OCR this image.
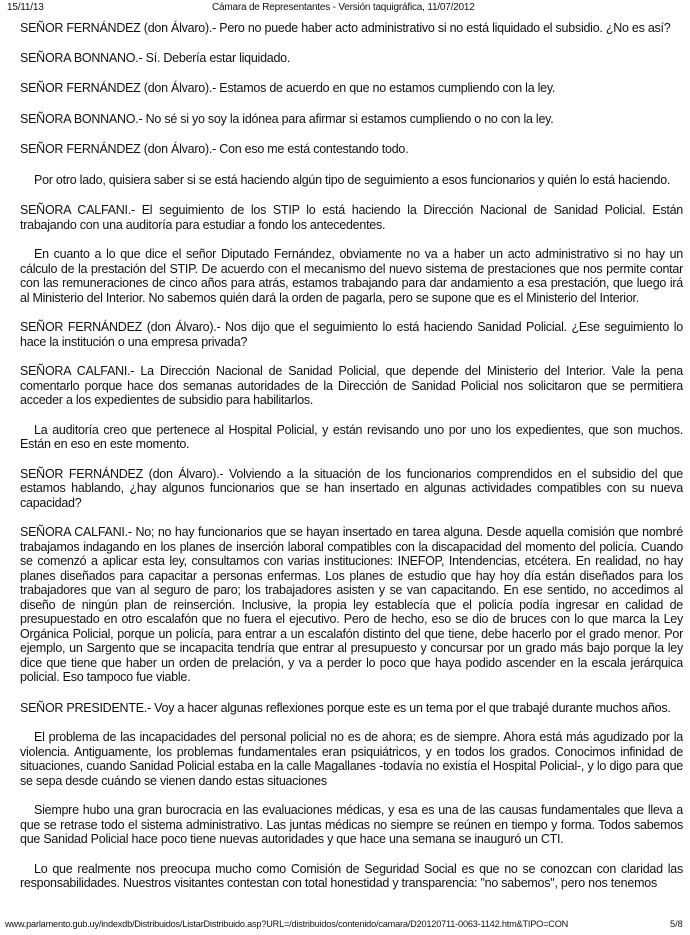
15/11/13	Cámara de Representantes - Versión taquigráfica, 11/07/2012

SEÑOR FERNÁNDEZ (don Álvaro).- Pero no puede haber acto administrativo si no está liquidado el subsidio. ¿No es así?

SEÑORA BONNANO.- Sí. Debería estar liquidado.

SEÑOR FERNÁNDEZ (don Álvaro).- Estamos de acuerdo en que no estamos cumpliendo con la ley.

SEÑORA BONNANO.- No sé si yo soy la idónea para afirmar si estamos cumpliendo o no con la ley.

SEÑOR FERNÁNDEZ (don Álvaro).- Con eso me está contestando todo.

Por otro lado, quisiera saber si se está haciendo algún tipo de seguimiento a esos funcionarios y quién lo está haciendo.

SEÑORA CALFANI.- El seguimiento de los STIP lo está haciendo la Dirección Nacional de Sanidad Policial. Están trabajando con una auditoría para estudiar a fondo los antecedentes.

En cuanto a lo que dice el señor Diputado Fernández, obviamente no va a haber un acto administrativo si no hay un cálculo de la prestación del STIP. De acuerdo con el mecanismo del nuevo sistema de prestaciones que nos permite contar con las remuneraciones de cinco años para atrás, estamos trabajando para dar andamiento a esa prestación, que luego irá al Ministerio del Interior. No sabemos quién dará la orden de pagarla, pero se supone que es el Ministerio del Interior.

SEÑOR FERNÁNDEZ (don Álvaro).- Nos dijo que el seguimiento lo está haciendo Sanidad Policial. ¿Ese seguimiento lo hace la institución o una empresa privada?

SEÑORA CALFANI.- La Dirección Nacional de Sanidad Policial, que depende del Ministerio del Interior. Vale la pena comentarlo porque hace dos semanas autoridades de la Dirección de Sanidad Policial nos solicitaron que se permitiera acceder a los expedientes de subsidio para habilitarlos.

La auditoría creo que pertenece al Hospital Policial, y están revisando uno por uno los expedientes, que son muchos. Están en eso en este momento.

SEÑOR FERNÁNDEZ (don Álvaro).- Volviendo a la situación de los funcionarios comprendidos en el subsidio del que estamos hablando, ¿hay algunos funcionarios que se han insertado en algunas actividades compatibles con su nueva capacidad?

SEÑORA CALFANI.- No; no hay funcionarios que se hayan insertado en tarea alguna. Desde aquella comisión que nombré trabajamos indagando en los planes de inserción laboral compatibles con la discapacidad del momento del policía. Cuando se comenzó a aplicar esta ley, consultamos con varias instituciones: INEFOP, Intendencias, etcétera. En realidad, no hay planes diseñados para capacitar a personas enfermas. Los planes de estudio que hay hoy día están diseñados para los trabajadores que van al seguro de paro; los trabajadores asisten y se van capacitando. En ese sentido, no accedimos al diseño de ningún plan de reinserción. Inclusive, la propia ley establecía que el policía podía ingresar en calidad de presupuestado en otro escalafón que no fuera el ejecutivo. Pero de hecho, eso se dio de bruces con lo que marca la Ley Orgánica Policial, porque un policía, para entrar a un escalafón distinto del que tiene, debe hacerlo por el grado menor. Por ejemplo, un Sargento que se incapacita tendría que entrar al presupuesto y concursar por un grado más bajo porque la ley dice que tiene que haber un orden de prelación, y va a perder lo poco que haya podido ascender en la escala jerárquica policial. Eso tampoco fue viable.

SEÑOR PRESIDENTE.- Voy a hacer algunas reflexiones porque este es un tema por el que trabajé durante muchos años.

El problema de las incapacidades del personal policial no es de ahora; es de siempre. Ahora está más agudizado por la violencia. Antiguamente, los problemas fundamentales eran psiquiátricos, y en todos los grados. Conocimos infinidad de situaciones, cuando Sanidad Policial estaba en la calle Magallanes -todavía no existía el Hospital Policial-, y lo digo para que se sepa desde cuándo se vienen dando estas situaciones

Siempre hubo una gran burocracia en las evaluaciones médicas, y esa es una de las causas fundamentales que lleva a que se retrase todo el sistema administrativo. Las juntas médicas no siempre se reúnen en tiempo y forma. Todos sabemos que Sanidad Policial hace poco tiene nuevas autoridades y que hace una semana se inauguró un CTI.

Lo que realmente nos preocupa mucho como Comisión de Seguridad Social es que no se conozcan con claridad las responsabilidades. Nuestros visitantes contestan con total honestidad y transparencia: "no sabemos", pero nos tenemos

www.parlamento.gub.uy/indexdb/Distribuidos/ListarDistribuido.asp?URL=/distribuidos/contenido/camara/D20120711-0063-1142.htm&TIPO=CON	5/8
